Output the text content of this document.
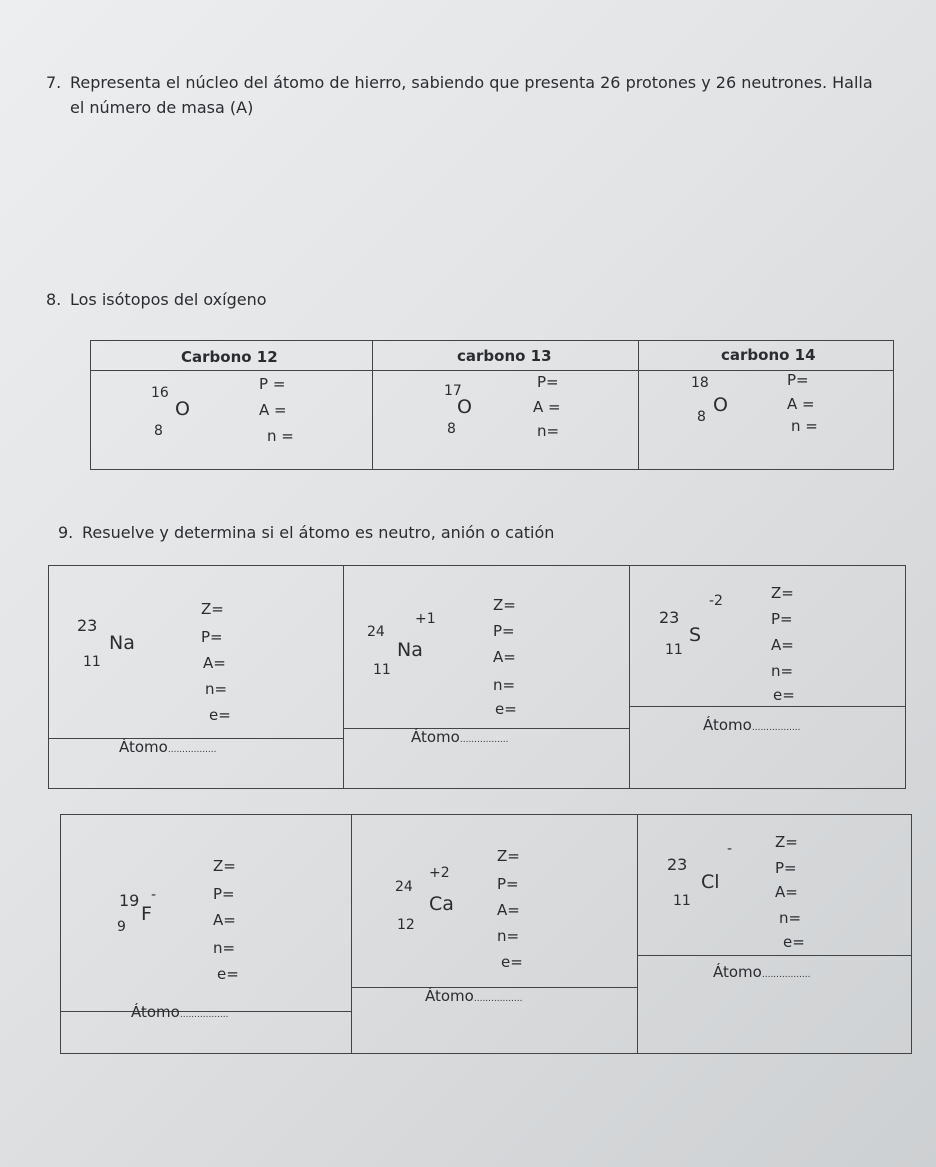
7. Representa el núcleo del átomo de hierro, sabiendo que presenta 26 protones y 26 neutrones. Halla
el número de masa (A)
8. Los isótopos del oxígeno
Carbono 12	carbono 13	carbono 14
16
O
8
P =
A =
n =
17
O
8
P=
A =
n=
18
O
8
P=
A =
n =
9. Resuelve y determina si el átomo es neutro, anión o catión
23
Na
11
Z=
P=
A=
n=
e=
Átomo.................
24
+1
Na
11
Z=
P=
A=
n=
e=
Átomo.................
23
-2
S
11
Z=
P=
A=
n=
e=
Átomo.................
19 -
F
9
Z=
P=
A=
n=
e=
Átomo.................
24
+2
Ca
12
Z=
P=
A=
n=
e=
Átomo.................
23
-
Cl
11
Z=
P=
A=
n=
e=
Átomo.................
